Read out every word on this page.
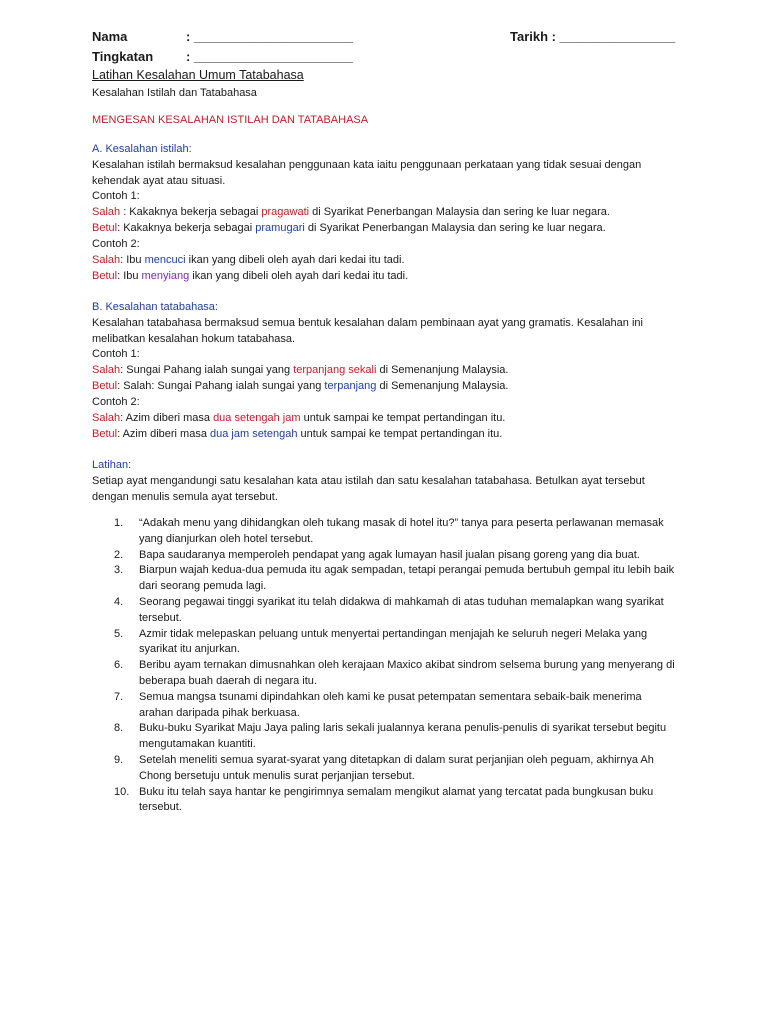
Nama	: ______________________	Tarikh : ________________
Tingkatan	: ______________________
Latihan Kesalahan Umum Tatabahasa
Kesalahan Istilah dan Tatabahasa
MENGESAN KESALAHAN ISTILAH DAN TATABAHASA
A. Kesalahan istilah:
Kesalahan istilah bermaksud kesalahan penggunaan kata iaitu penggunaan perkataan yang tidak sesuai dengan kehendak ayat atau situasi.
Contoh 1:
Salah : Kakaknya bekerja sebagai pragawati di Syarikat Penerbangan Malaysia dan sering ke luar negara.
Betul: Kakaknya bekerja sebagai pramugari di Syarikat Penerbangan Malaysia dan sering ke luar negara.
Contoh 2:
Salah: Ibu mencuci ikan yang dibeli oleh ayah dari kedai itu tadi.
Betul: Ibu menyiang ikan yang dibeli oleh ayah dari kedai itu tadi.
B. Kesalahan tatabahasa:
Kesalahan tatabahasa bermaksud semua bentuk kesalahan dalam pembinaan ayat yang gramatis. Kesalahan ini melibatkan kesalahan hokum tatabahasa.
Contoh 1:
Salah: Sungai Pahang ialah sungai yang terpanjang sekali di Semenanjung Malaysia.
Betul: Salah: Sungai Pahang ialah sungai yang terpanjang di Semenanjung Malaysia.
Contoh 2:
Salah: Azim diberi masa dua setengah jam untuk sampai ke tempat pertandingan itu.
Betul: Azim diberi masa dua jam setengah untuk sampai ke tempat pertandingan itu.
Latihan:
Setiap ayat mengandungi satu kesalahan kata atau istilah dan satu kesalahan tatabahasa. Betulkan ayat tersebut dengan menulis semula ayat tersebut.
1. “Adakah menu yang dihidangkan oleh tukang masak di hotel itu?” tanya para peserta perlawanan memasak yang dianjurkan oleh hotel tersebut.
2. Bapa saudaranya memperoleh pendapat yang agak lumayan hasil jualan pisang goreng yang dia buat.
3. Biarpun wajah kedua-dua pemuda itu agak sempadan, tetapi perangai pemuda bertubuh gempal itu lebih baik dari seorang pemuda lagi.
4. Seorang pegawai tinggi syarikat itu telah didakwa di mahkamah di atas tuduhan memalapkan wang syarikat tersebut.
5. Azmir tidak melepaskan peluang untuk menyertai pertandingan menjajah ke seluruh negeri Melaka yang syarikat itu anjurkan.
6. Beribu ayam ternakan dimusnahkan oleh kerajaan Maxico akibat sindrom selsema burung yang menyerang di beberapa buah daerah di negara itu.
7. Semua mangsa tsunami dipindahkan oleh kami ke pusat petempatan sementara sebaik-baik menerima arahan daripada pihak berkuasa.
8. Buku-buku Syarikat Maju Jaya paling laris sekali jualannya kerana penulis-penulis di syarikat tersebut begitu mengutamakan kuantiti.
9. Setelah meneliti semua syarat-syarat yang ditetapkan di dalam surat perjanjian oleh peguam, akhirnya Ah Chong bersetuju untuk menulis surat perjanjian tersebut.
10. Buku itu telah saya hantar ke pengirimnya semalam mengikut alamat yang tercatat pada bungkusan buku tersebut.
